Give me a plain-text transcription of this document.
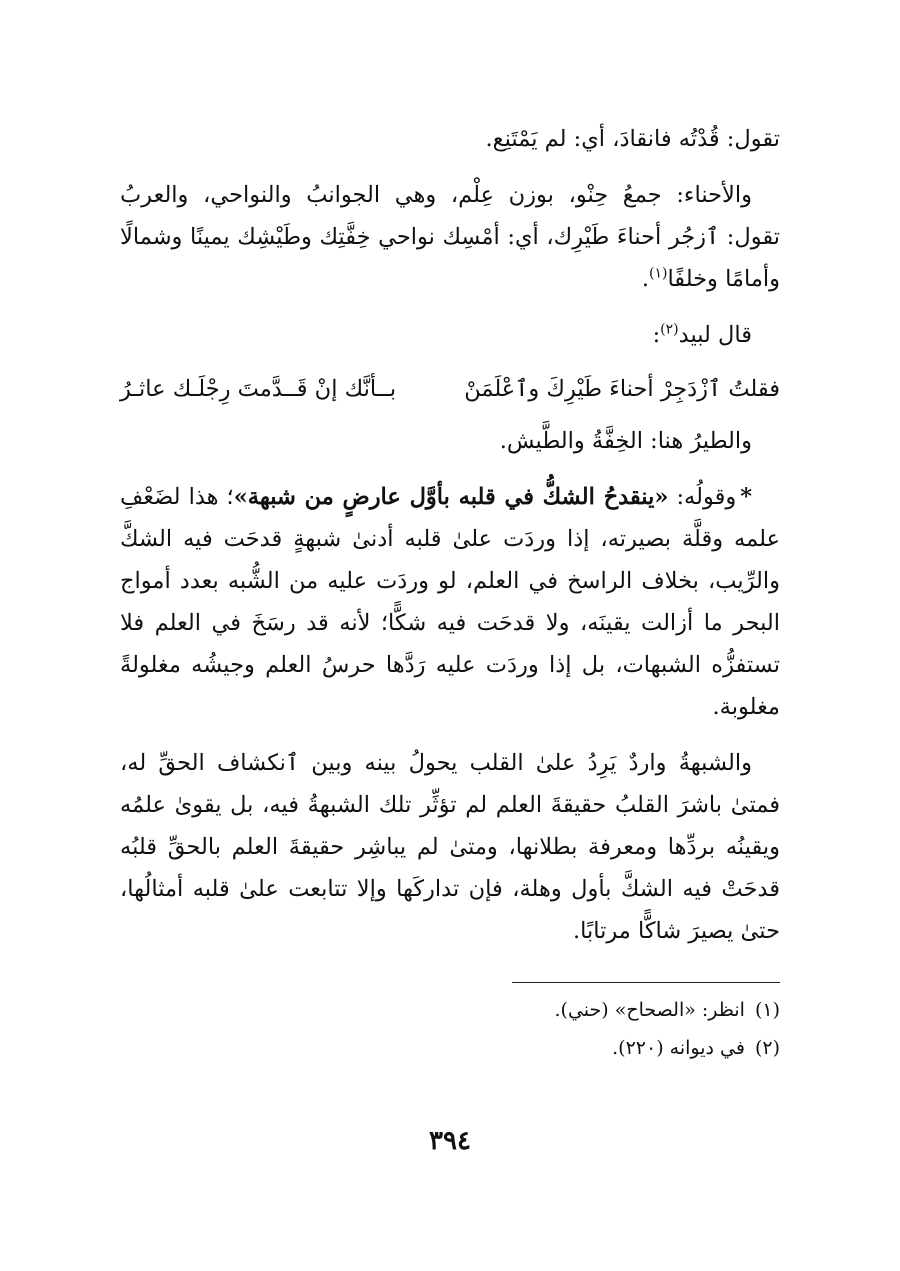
تقول: قُدْتُه فانقادَ، أي: لم يَمْتَنِع.

والأحناء: جمعُ حِنْو، بوزن عِلْم، وهي الجوانبُ والنواحي، والعربُ تقول: ٱزجُر أحناءَ طَيْرِك، أي: أمْسِك نواحي خِفَّتِك وطَيْشِك يمينًا وشمالًا وأمامًا وخلفًا$^{(١)}$.

قال لبيد$^{(٢)}$:

فقلتُ ٱزْدَجِرْ أحناءَ طَيْرِكَ وٱعْلَمَنْ
بــأنَّك إنْ قَــدَّمتَ رِجْلَـك عاثـرُ

والطيرُ هنا: الخِفَّةُ والطَّيش.

*وقولُه: «ينقدحُ الشكُّ في قلبه بأوَّل عارضٍ من شبهة»؛ هذا لضَعْفِ علمه وقلَّة بصيرته، إذا وردَت علىٰ قلبه أدنىٰ شبهةٍ قدحَت فيه الشكَّ والرِّيب، بخلاف الراسخ في العلم، لو وردَت عليه من الشُّبه بعدد أمواج البحر ما أزالت يقينَه، ولا قدحَت فيه شكًّا؛ لأنه قد رسَخَ في العلم فلا تستفزُّه الشبهات، بل إذا وردَت عليه رَدَّها حرسُ العلم وجيشُه مغلولةً مغلوبة.

والشبهةُ واردٌ يَرِدُ علىٰ القلب يحولُ بينه وبين ٱنكشاف الحقِّ له، فمتىٰ باشرَ القلبُ حقيقةَ العلم لم تؤثِّر تلك الشبهةُ فيه، بل يقوىٰ علمُه ويقينُه بردِّها ومعرفة بطلانها، ومتىٰ لم يباشِر حقيقةَ العلم بالحقِّ قلبُه قدحَتْ فيه الشكَّ بأول وهلة، فإن تداركَها وإلا تتابعت علىٰ قلبه أمثالُها، حتىٰ يصيرَ شاكًّا مرتابًا.

(١)انظر: «الصحاح» (حني).
(٢)في ديوانه (٢٢٠).
٣٩٤
